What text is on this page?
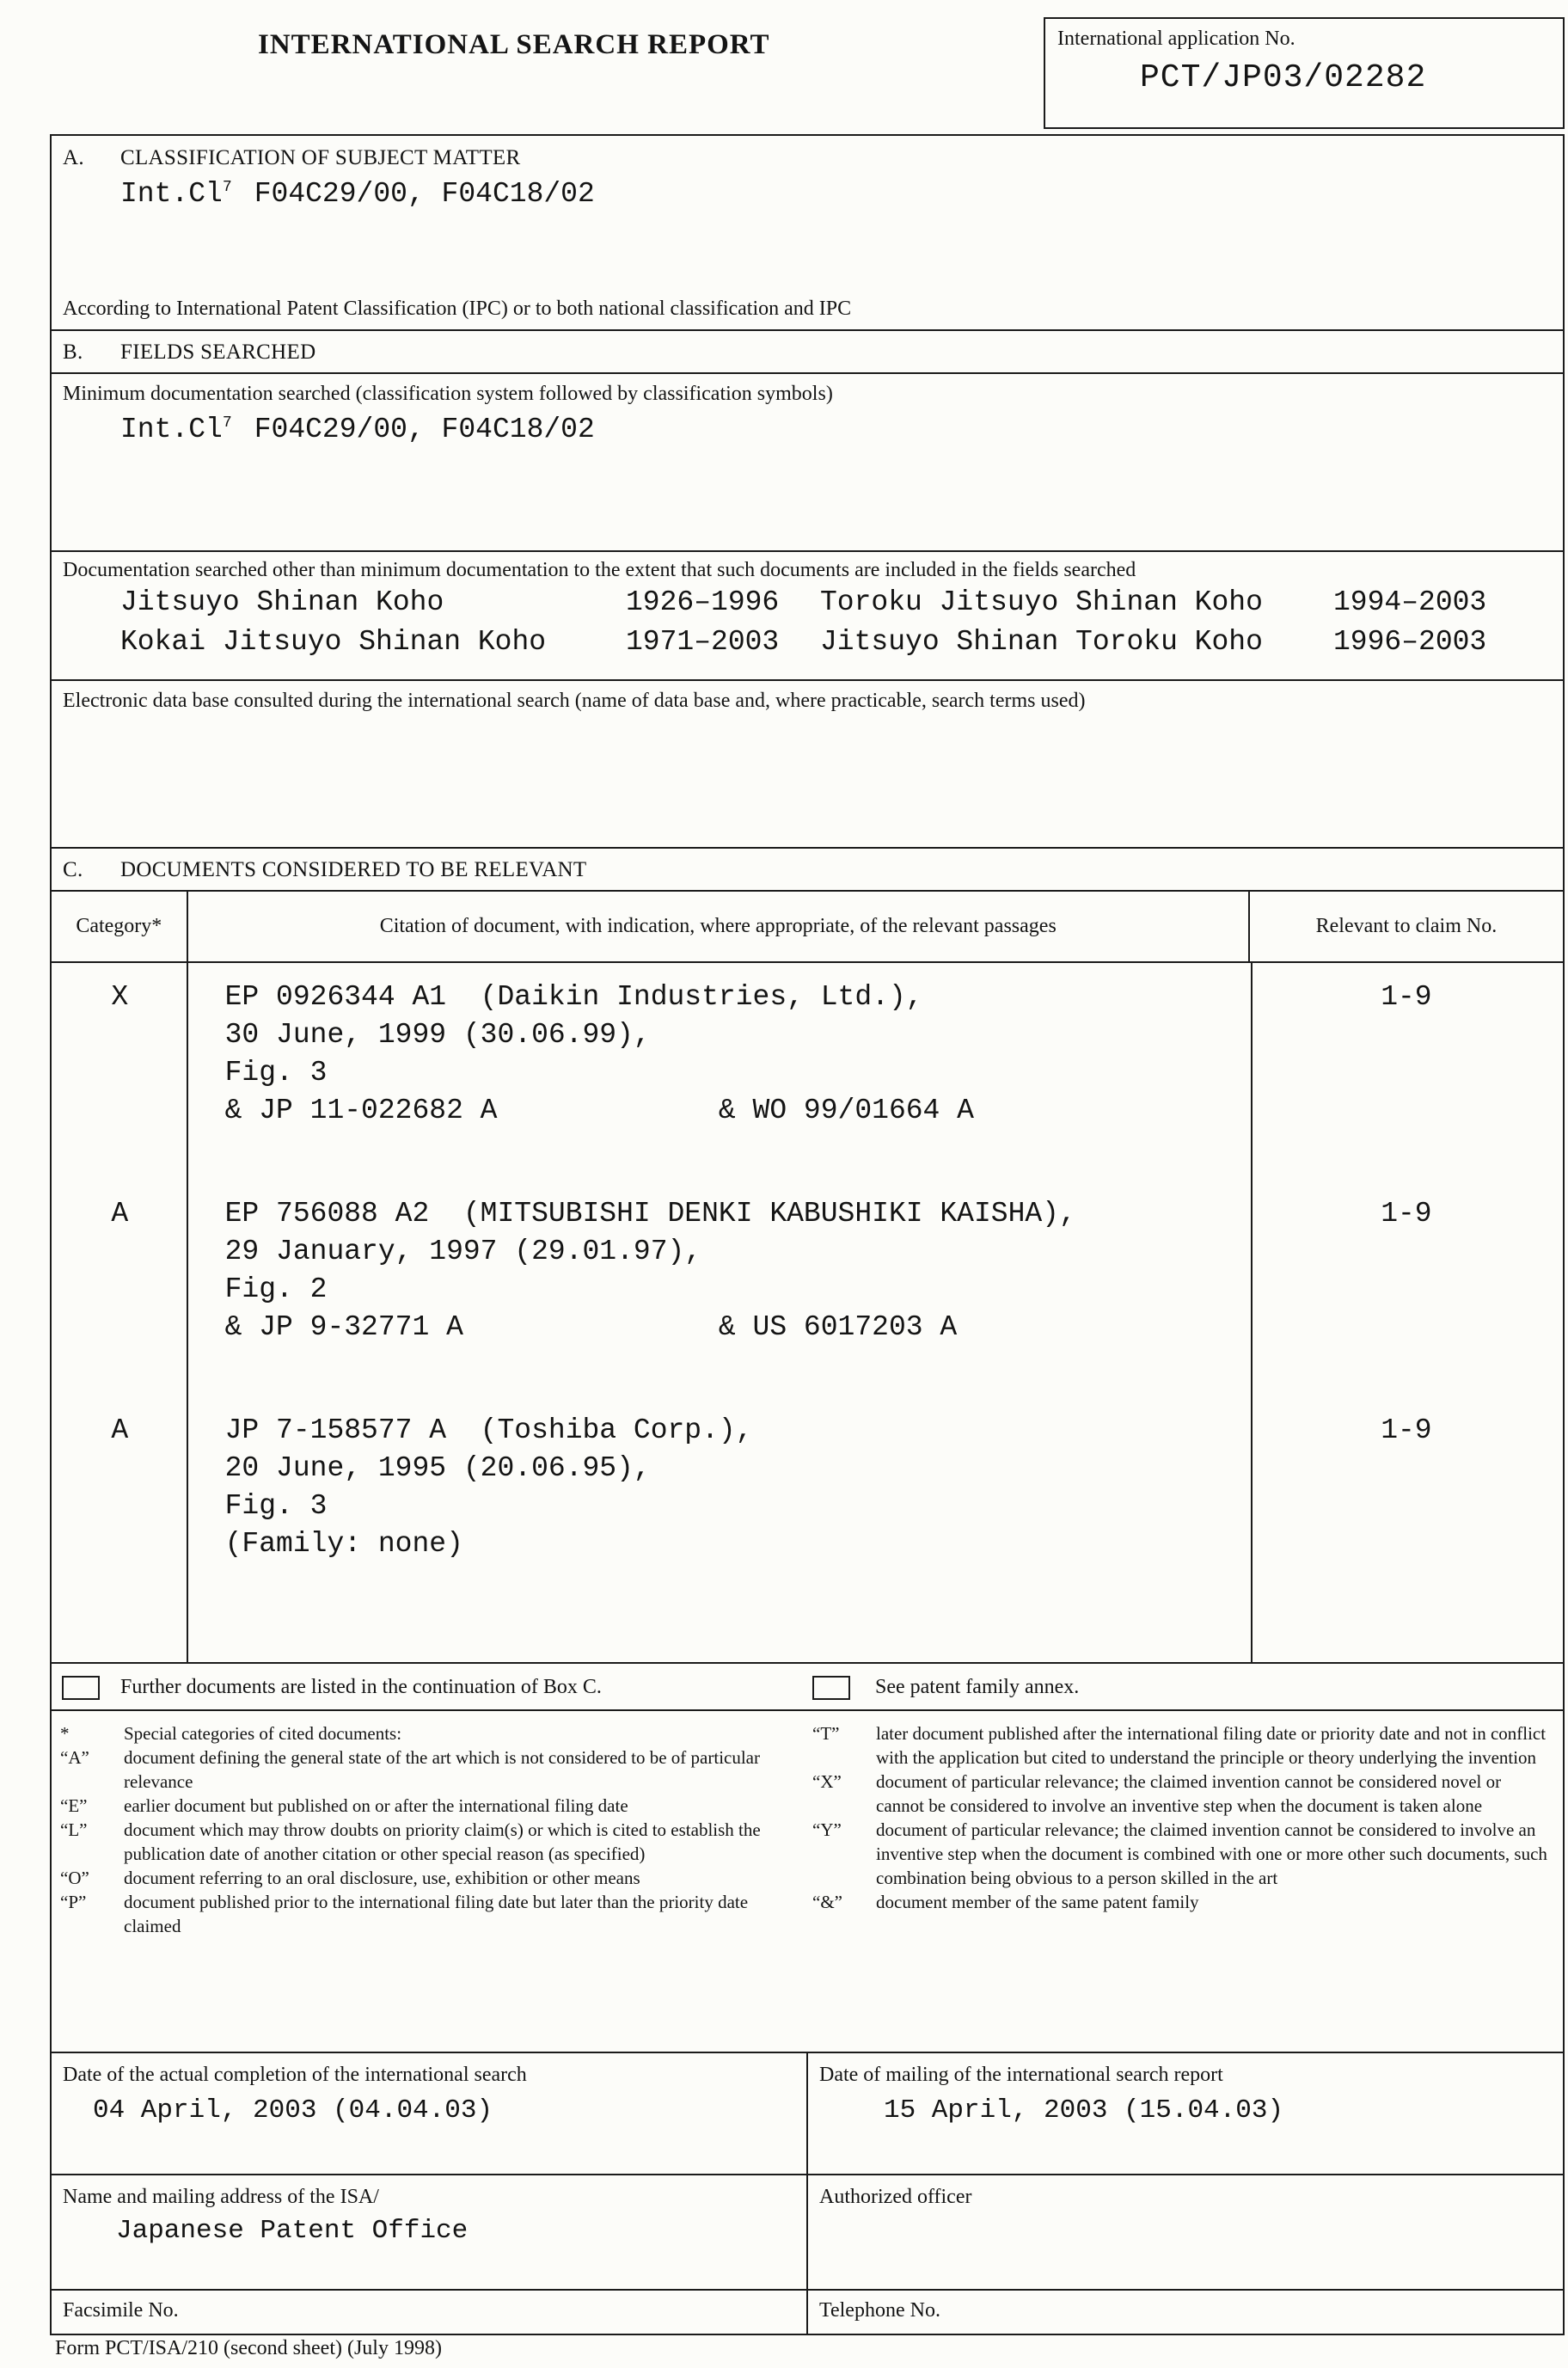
INTERNATIONAL SEARCH REPORT	International application No.
PCT/JP03/02282
A. CLASSIFICATION OF SUBJECT MATTER
Int.Cl$^7$ F04C29/00, F04C18/02
According to International Patent Classification (IPC) or to both national classification and IPC
B. FIELDS SEARCHED
Minimum documentation searched (classification system followed by classification symbols)
Int.Cl$^7$ F04C29/00, F04C18/02
Documentation searched other than minimum documentation to the extent that such documents are included in the fields searched
Jitsuyo Shinan Koho	1926–1996	Toroku Jitsuyo Shinan Koho	1994–2003
Kokai Jitsuyo Shinan Koho	1971–2003	Jitsuyo Shinan Toroku Koho	1996–2003
Electronic data base consulted during the international search (name of data base and, where practicable, search terms used)
C. DOCUMENTS CONSIDERED TO BE RELEVANT
Category*	Citation of document, with indication, where appropriate, of the relevant passages	Relevant to claim No.
X	EP 0926344 A1  (Daikin Industries, Ltd.),
30 June, 1999 (30.06.99),
Fig. 3
& JP 11-022682 A             & WO 99/01664 A
1-9
A	EP 756088 A2  (MITSUBISHI DENKI KABUSHIKI KAISHA),
29 January, 1997 (29.01.97),
Fig. 2
& JP 9-32771 A               & US 6017203 A
1-9
A	JP 7-158577 A  (Toshiba Corp.),
20 June, 1995 (20.06.95),
Fig. 3
(Family: none)
1-9
Further documents are listed in the continuation of Box C.	See patent family annex.
*	Special categories of cited documents:
“A” document defining the general state of the art which is not considered to be of particular relevance
“E” earlier document but published on or after the international filing date
“L” document which may throw doubts on priority claim(s) or which is cited to establish the publication date of another citation or other special reason (as specified)
“O” document referring to an oral disclosure, use, exhibition or other means
“P” document published prior to the international filing date but later than the priority date claimed
“T” later document published after the international filing date or priority date and not in conflict with the application but cited to understand the principle or theory underlying the invention
“X” document of particular relevance; the claimed invention cannot be considered novel or cannot be considered to involve an inventive step when the document is taken alone
“Y” document of particular relevance; the claimed invention cannot be considered to involve an inventive step when the document is combined with one or more other such documents, such combination being obvious to a person skilled in the art
“&” document member of the same patent family
Date of the actual completion of the international search
04 April, 2003 (04.04.03)
Date of mailing of the international search report
15 April, 2003 (15.04.03)
Name and mailing address of the ISA/
Japanese Patent Office
Facsimile No.
Authorized officer
Telephone No.
Form PCT/ISA/210 (second sheet) (July 1998)
